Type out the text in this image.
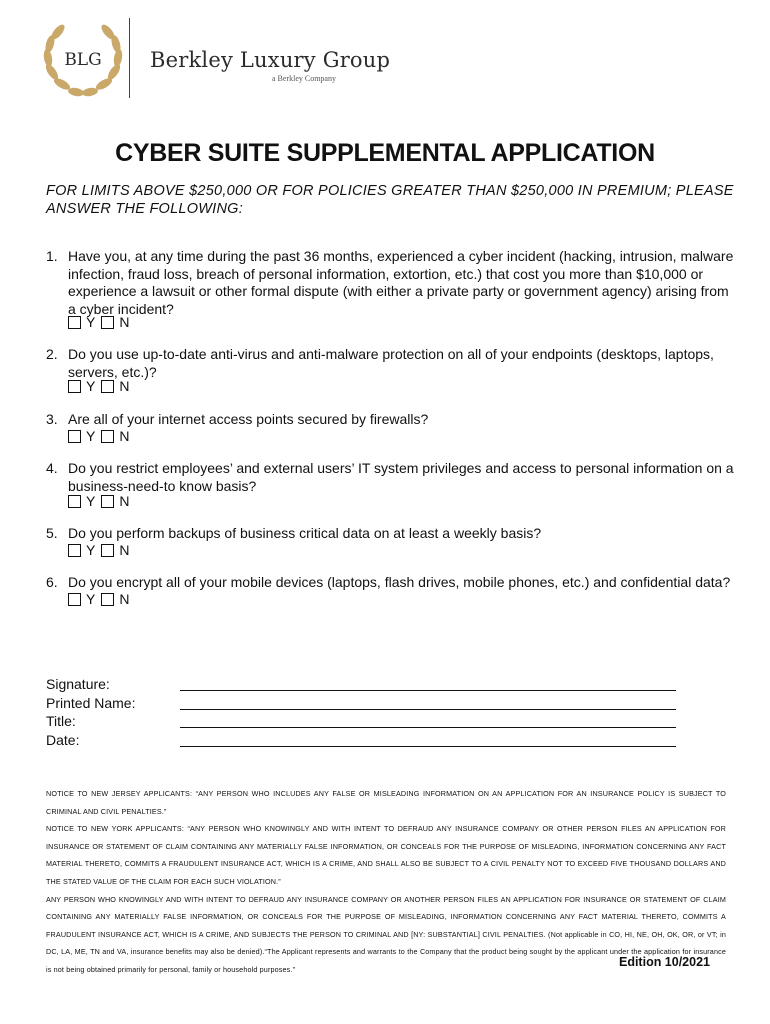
BLG Berkley Luxury Group
a Berkley Company
CYBER SUITE SUPPLEMENTAL APPLICATION
FOR LIMITS ABOVE $250,000 OR FOR POLICIES GREATER THAN $250,000 IN PREMIUM; PLEASE ANSWER THE FOLLOWING:
1. Have you, at any time during the past 36 months, experienced a cyber incident (hacking, intrusion, malware infection, fraud loss, breach of personal information, extortion, etc.) that cost you more than $10,000 or experience a lawsuit or other formal dispute (with either a private party or government agency) arising from a cyber incident?
Y N
2. Do you use up-to-date anti-virus and anti-malware protection on all of your endpoints (desktops, laptops, servers, etc.)?
Y N
3. Are all of your internet access points secured by firewalls?
Y N
4. Do you restrict employees’ and external users’ IT system privileges and access to personal information on a business-need-to know basis?
Y N
5. Do you perform backups of business critical data on at least a weekly basis?
Y N
6. Do you encrypt all of your mobile devices (laptops, flash drives, mobile phones, etc.) and confidential data?
Y N
Signature:
Printed Name:
Title:
Date:

NOTICE TO NEW JERSEY APPLICANTS: “ANY PERSON WHO INCLUDES ANY FALSE OR MISLEADING INFORMATION ON AN APPLICATION FOR AN INSURANCE POLICY IS SUBJECT TO CRIMINAL AND CIVIL PENALTIES.”

NOTICE TO NEW YORK APPLICANTS: “ANY PERSON WHO KNOWINGLY AND WITH INTENT TO DEFRAUD ANY INSURANCE COMPANY OR OTHER PERSON FILES AN APPLICATION FOR INSURANCE OR STATEMENT OF CLAIM CONTAINING ANY MATERIALLY FALSE INFORMATION, OR CONCEALS FOR THE PURPOSE OF MISLEADING, INFORMATION CONCERNING ANY FACT MATERIAL THERETO, COMMITS A FRAUDULENT INSURANCE ACT, WHICH IS A CRIME, AND SHALL ALSO BE SUBJECT TO A CIVIL PENALTY NOT TO EXCEED FIVE THOUSAND DOLLARS AND THE STATED VALUE OF THE CLAIM FOR EACH SUCH VIOLATION.”

ANY PERSON WHO KNOWINGLY AND WITH INTENT TO DEFRAUD ANY INSURANCE COMPANY OR ANOTHER PERSON FILES AN APPLICATION FOR INSURANCE OR STATEMENT OF CLAIM CONTAINING ANY MATERIALLY FALSE INFORMATION, OR CONCEALS FOR THE PURPOSE OF MISLEADING, INFORMATION CONCERNING ANY FACT MATERIAL THERETO, COMMITS A FRAUDULENT INSURANCE ACT, WHICH IS A CRIME, AND SUBJECTS THE PERSON TO CRIMINAL AND [NY: SUBSTANTIAL] CIVIL PENALTIES. (Not applicable in CO, HI, NE, OH, OK, OR, or VT; in DC, LA, ME, TN and VA, insurance benefits may also be denied).“The Applicant represents and warrants to the Company that the product being sought by the applicant under the application for insurance is not being obtained primarily for personal, family or household purposes.”

Edition 10/2021
